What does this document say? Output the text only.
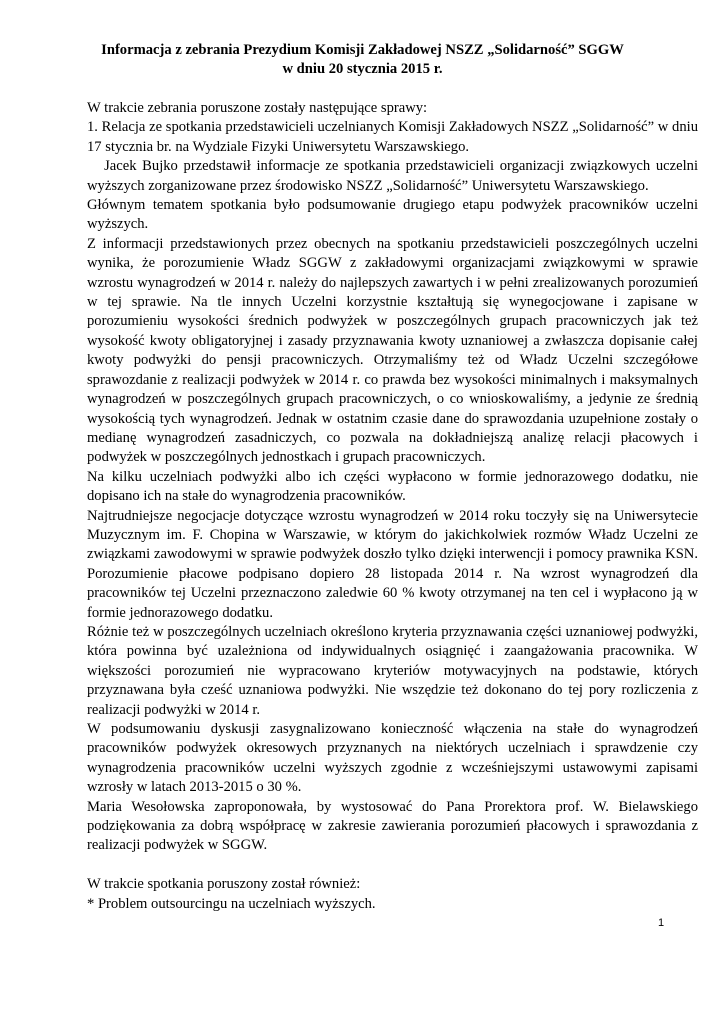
Informacja z zebrania Prezydium Komisji Zakładowej NSZZ „Solidarność” SGGW
w dniu 20 stycznia 2015 r.

W trakcie zebrania poruszone zostały następujące sprawy:

1. Relacja ze spotkania przedstawicieli uczelnianych Komisji Zakładowych NSZZ „Solidarność” w dniu 17 stycznia br. na Wydziale Fizyki Uniwersytetu Warszawskiego.

Jacek Bujko przedstawił informacje ze spotkania przedstawicieli organizacji związkowych uczelni wyższych zorganizowane przez środowisko NSZZ „Solidarność” Uniwersytetu Warszawskiego.

Głównym tematem spotkania było podsumowanie drugiego etapu podwyżek pracowników uczelni wyższych.

Z informacji przedstawionych przez obecnych na spotkaniu przedstawicieli poszczególnych uczelni wynika, że porozumienie Władz SGGW z zakładowymi organizacjami związkowymi w sprawie wzrostu wynagrodzeń w 2014 r. należy do najlepszych zawartych i w pełni zrealizowanych porozumień w tej sprawie. Na tle innych Uczelni korzystnie kształtują się wynegocjowane i zapisane w porozumieniu wysokości średnich podwyżek w poszczególnych grupach pracowniczych jak też wysokość kwoty obligatoryjnej i zasady przyznawania kwoty uznaniowej a zwłaszcza dopisanie całej kwoty podwyżki do pensji pracowniczych. Otrzymaliśmy też od Władz Uczelni szczegółowe sprawozdanie z realizacji podwyżek w 2014 r. co prawda bez wysokości minimalnych i maksymalnych wynagrodzeń w poszczególnych grupach pracowniczych, o co wnioskowaliśmy, a jedynie ze średnią wysokością tych wynagrodzeń. Jednak w ostatnim czasie dane do sprawozdania uzupełnione zostały o medianę wynagrodzeń zasadniczych, co pozwala na dokładniejszą analizę relacji płacowych i podwyżek w poszczególnych jednostkach i grupach pracowniczych.

Na kilku uczelniach podwyżki albo ich części wypłacono w formie jednorazowego dodatku, nie dopisano ich na stałe do wynagrodzenia pracowników.

Najtrudniejsze negocjacje dotyczące wzrostu wynagrodzeń w 2014 roku toczyły się na Uniwersytecie Muzycznym im. F. Chopina w Warszawie, w którym do jakichkolwiek rozmów Władz Uczelni ze związkami zawodowymi w sprawie podwyżek doszło tylko dzięki interwencji i pomocy prawnika KSN. Porozumienie płacowe podpisano dopiero 28 listopada 2014 r. Na wzrost wynagrodzeń dla pracowników tej Uczelni przeznaczono zaledwie 60 % kwoty otrzymanej na ten cel i wypłacono ją w formie jednorazowego dodatku.

Różnie też w poszczególnych uczelniach określono kryteria przyznawania części uznaniowej podwyżki, która powinna być uzależniona od indywidualnych osiągnięć i zaangażowania pracownika. W większości porozumień nie wypracowano kryteriów motywacyjnych na podstawie, których przyznawana była cześć uznaniowa podwyżki. Nie wszędzie też dokonano do tej pory rozliczenia z realizacji podwyżki w 2014 r.

W podsumowaniu dyskusji zasygnalizowano konieczność włączenia na stałe do wynagrodzeń pracowników podwyżek okresowych przyznanych na niektórych uczelniach i sprawdzenie czy wynagrodzenia pracowników uczelni wyższych zgodnie z wcześniejszymi ustawowymi zapisami wzrosły w latach 2013-2015 o 30 %.

Maria Wesołowska zaproponowała, by wystosować do Pana Prorektora prof. W. Bielawskiego podziękowania za dobrą współpracę w zakresie zawierania porozumień płacowych i sprawozdania z realizacji podwyżek w SGGW.

W trakcie spotkania poruszony został również:

* Problem outsourcingu na uczelniach wyższych.

1
